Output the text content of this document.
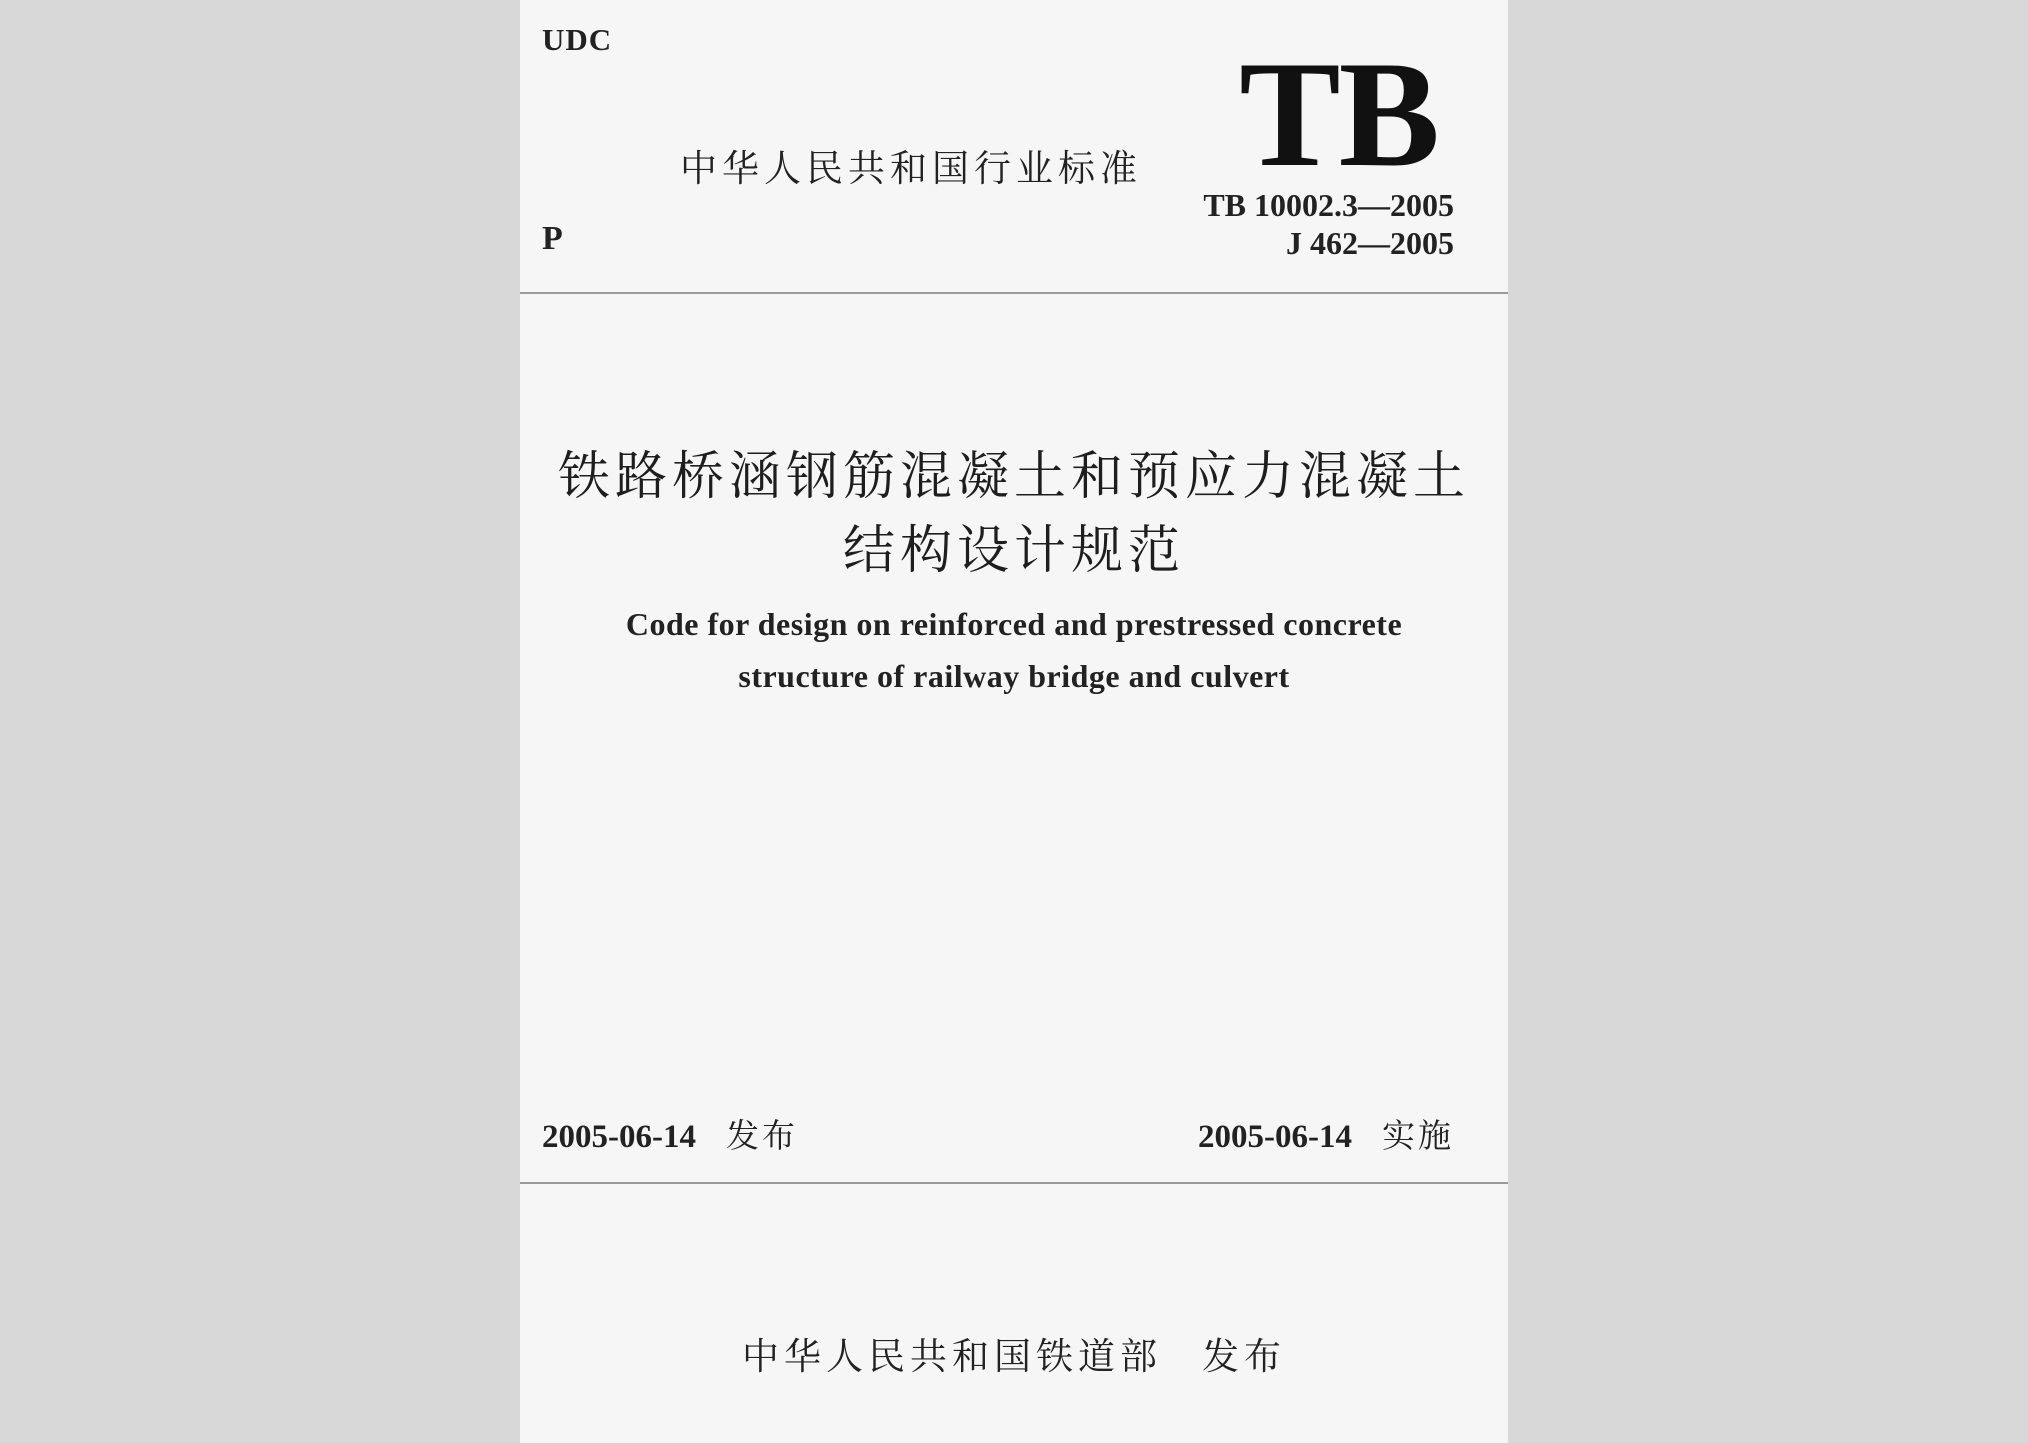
UDC
中华人民共和国行业标准 TB
P
TB 10002.3—2005
J 462—2005
铁路桥涵钢筋混凝土和预应力混凝土
结构设计规范
Code for design on reinforced and prestressed concrete
structure of railway bridge and culvert
2005-06-14 发布	2005-06-14 实施
中华人民共和国铁道部 发布
